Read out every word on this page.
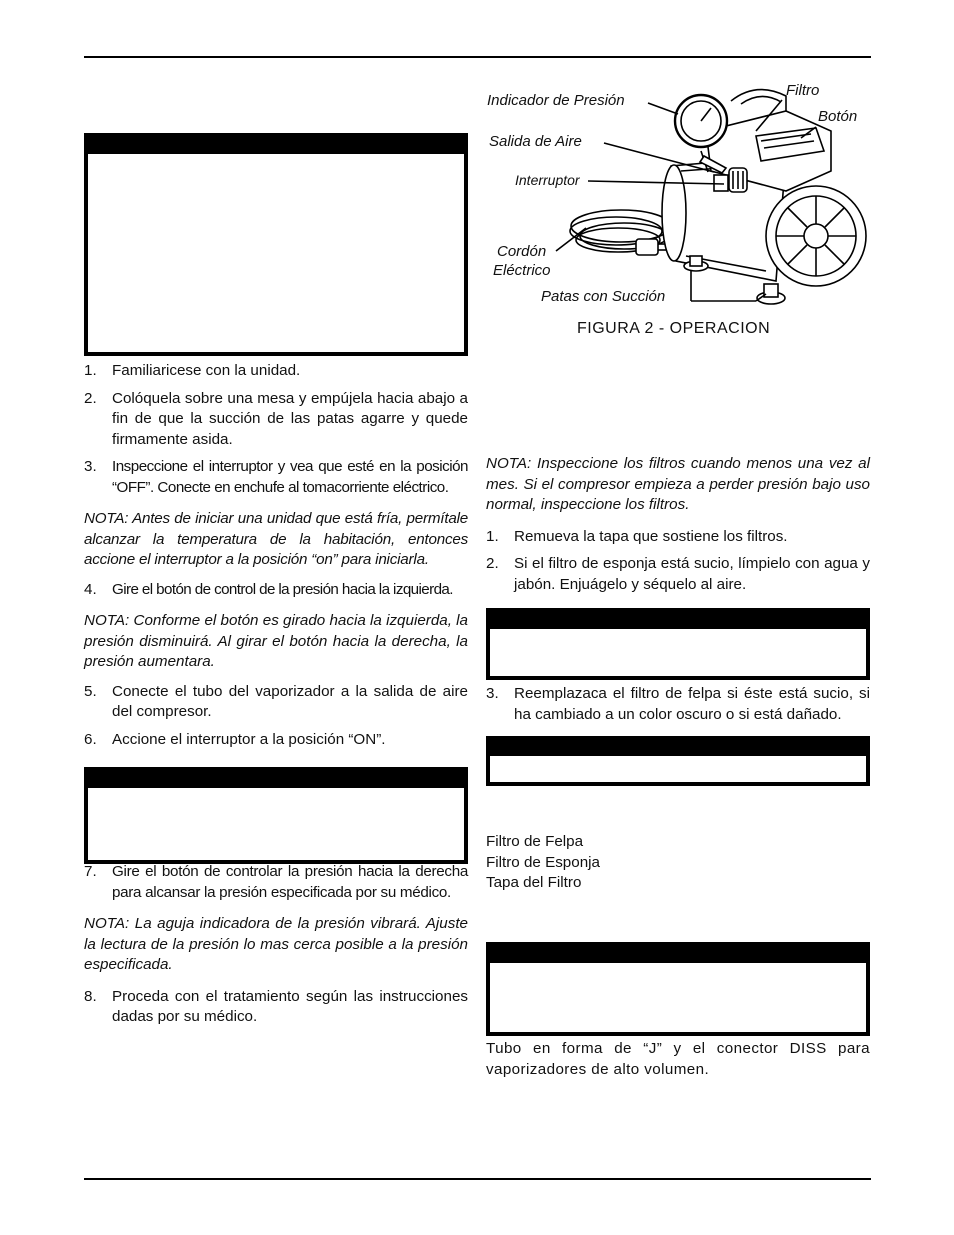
1.	Familiaricese con la unidad.
2.	Colóquela sobre una mesa y empújela hacia abajo a fin de que la succión de las patas agarre y quede firmamente asida.
3.	Inspeccione el interruptor y vea que esté en la posición “OFF”. Conecte en enchufe al tomacorriente eléctrico.
NOTA: Antes de iniciar una unidad que está fría, permítale alcanzar la temperatura de la habitación, entonces accione el interruptor a la posición “on” para iniciarla.
4.	Gire el botón de control de la presión hacia la izquierda.
NOTA: Conforme el botón es girado hacia la izquierda, la presión disminuirá. Al girar el botón hacia la derecha, la presión aumentara.
5.	Conecte el tubo del vaporizador a la salida de aire del compresor.
6.	Accione el interruptor a la posición “ON”.
7.	Gire el botón de controlar la presión hacia la derecha para alcansar la presión especificada por su médico.
NOTA: La aguja indicadora de la presión vibrará. Ajuste la lectura de la presión lo mas cerca posible a la presión especificada.
8.	Proceda con el tratamiento según las instrucciones dadas por su médico.
Indicador de Presión
Filtro
Botón
Salida de Aire
Interruptor
Cordón
Eléctrico
Patas con Succión
FIGURA 2 - OPERACION
NOTA: Inspeccione los filtros cuando menos una vez al mes. Si el compresor empieza a perder presión bajo uso normal, inspeccione los filtros.
1.	Remueva la tapa que sostiene los filtros.
2.	Si el filtro de esponja está sucio, límpielo con agua y jabón. Enjuágelo y séquelo al aire.
3.	Reemplazaca el filtro de felpa si éste está sucio, si ha cambiado a un color oscuro o si está dañado.
Filtro de Felpa
Filtro de Esponja
Tapa del Filtro
Tubo en forma de “J” y el conector DISS para vaporizadores de alto volumen.
